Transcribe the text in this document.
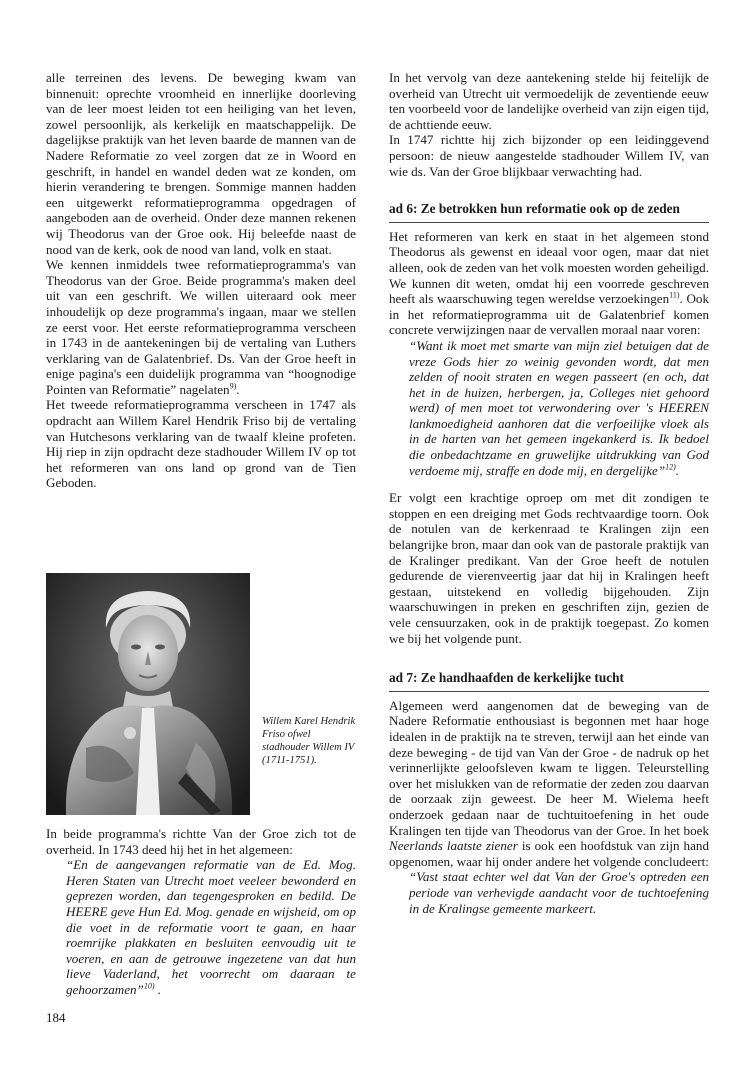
alle terreinen des levens. De beweging kwam van binnenuit: oprechte vroomheid en innerlijke doorleving van de leer moest leiden tot een heiliging van het leven, zowel persoonlijk, als kerkelijk en maatschappelijk. De dagelijkse praktijk van het leven baarde de mannen van de Nadere Reformatie zo veel zorgen dat ze in Woord en geschrift, in handel en wandel deden wat ze konden, om hierin verandering te brengen. Sommige mannen hadden een uitgewerkt reformatieprogramma opgedragen of aangeboden aan de overheid. Onder deze mannen rekenen wij Theodorus van der Groe ook. Hij beleefde naast de nood van de kerk, ook de nood van land, volk en staat.

We kennen inmiddels twee reformatieprogramma's van Theodorus van der Groe. Beide programma's maken deel uit van een geschrift. We willen uiteraard ook meer inhoudelijk op deze programma's ingaan, maar we stellen ze eerst voor. Het eerste reformatieprogramma verscheen in 1743 in de aantekeningen bij de vertaling van Luthers verklaring van de Galatenbrief. Ds. Van der Groe heeft in enige pagina's een duidelijk programma van “hoognodige Pointen van Reformatie” nagelaten$^{9)}$.

Het tweede reformatieprogramma verscheen in 1747 als opdracht aan Willem Karel Hendrik Friso bij de vertaling van Hutchesons verklaring van de twaalf kleine profeten. Hij riep in zijn opdracht deze stadhouder Willem IV op tot het reformeren van ons land op grond van de Tien Geboden.

Willem Karel Hendrik Friso ofwel stadhouder Willem IV (1711-1751).

In beide programma's richtte Van der Groe zich tot de overheid. In 1743 deed hij het in het algemeen:

“En de aangevangen reformatie van de Ed. Mog. Heren Staten van Utrecht moet veeleer bewonderd en geprezen worden, dan tegengesproken en bedild. De HEERE geve Hun Ed. Mog. genade en wijsheid, om op die voet in de reformatie voort te gaan, en haar roemrijke plakkaten en besluiten eenvoudig uit te voeren, en aan de getrouwe ingezetene van dat hun lieve Vaderland, het voorrecht om daaraan te gehoorzamen”$^{10)}$ .

In het vervolg van deze aantekening stelde hij feitelijk de overheid van Utrecht uit vermoedelijk de zeventiende eeuw ten voorbeeld voor de landelijke overheid van zijn eigen tijd, de achttiende eeuw.

In 1747 richtte hij zich bijzonder op een leidinggevend persoon: de nieuw aangestelde stadhouder Willem IV, van wie ds. Van der Groe blijkbaar verwachting had.

ad 6: Ze betrokken hun reformatie ook op de zeden

Het reformeren van kerk en staat in het algemeen stond Theodorus als gewenst en ideaal voor ogen, maar dat niet alleen, ook de zeden van het volk moesten worden geheiligd. We kunnen dit weten, omdat hij een voorrede geschreven heeft als waarschuwing tegen wereldse verzoekingen$^{11)}$. Ook in het reformatieprogramma uit de Galatenbrief komen concrete verwijzingen naar de vervallen moraal naar voren:

“Want ik moet met smarte van mijn ziel betuigen dat de vreze Gods hier zo weinig gevonden wordt, dat men zelden of nooit straten en wegen passeert (en och, dat het in de huizen, herbergen, ja, Colleges niet gehoord werd) of men moet tot verwondering over 's HEEREN lankmoedigheid aanhoren dat die verfoeilijke vloek als in de harten van het gemeen ingekankerd is. Ik bedoel die onbedachtzame en gruwelijke uitdrukking van God verdoeme mij, straffe en dode mij, en dergelijke”$^{12)}$.

Er volgt een krachtige oproep om met dit zondigen te stoppen en een dreiging met Gods rechtvaardige toorn. Ook de notulen van de kerkenraad te Kralingen zijn een belangrijke bron, maar dan ook van de pastorale praktijk van de Kralinger predikant. Van der Groe heeft de notulen gedurende de vierenveertig jaar dat hij in Kralingen heeft gestaan, uitstekend en volledig bijgehouden. Zijn waarschuwingen in preken en geschriften zijn, gezien de vele censuurzaken, ook in de praktijk toegepast. Zo komen we bij het volgende punt.

ad 7: Ze handhaafden de kerkelijke tucht

Algemeen werd aangenomen dat de beweging van de Nadere Reformatie enthousiast is begonnen met haar hoge idealen in de praktijk na te streven, terwijl aan het einde van deze beweging - de tijd van Van der Groe - de nadruk op het verinnerlijkte geloofsleven kwam te liggen. Teleurstelling over het mislukken van de reformatie der zeden zou daarvan de oorzaak zijn geweest. De heer M. Wielema heeft onderzoek gedaan naar de tuchtuitoefening in het oude Kralingen ten tijde van Theodorus van der Groe. In het boek Neerlands laatste ziener is ook een hoofdstuk van zijn hand opgenomen, waar hij onder andere het volgende concludeert:

“Vast staat echter wel dat Van der Groe's optreden een periode van verhevigde aandacht voor de tuchtoefening in de Kralingse gemeente markeert.

184
